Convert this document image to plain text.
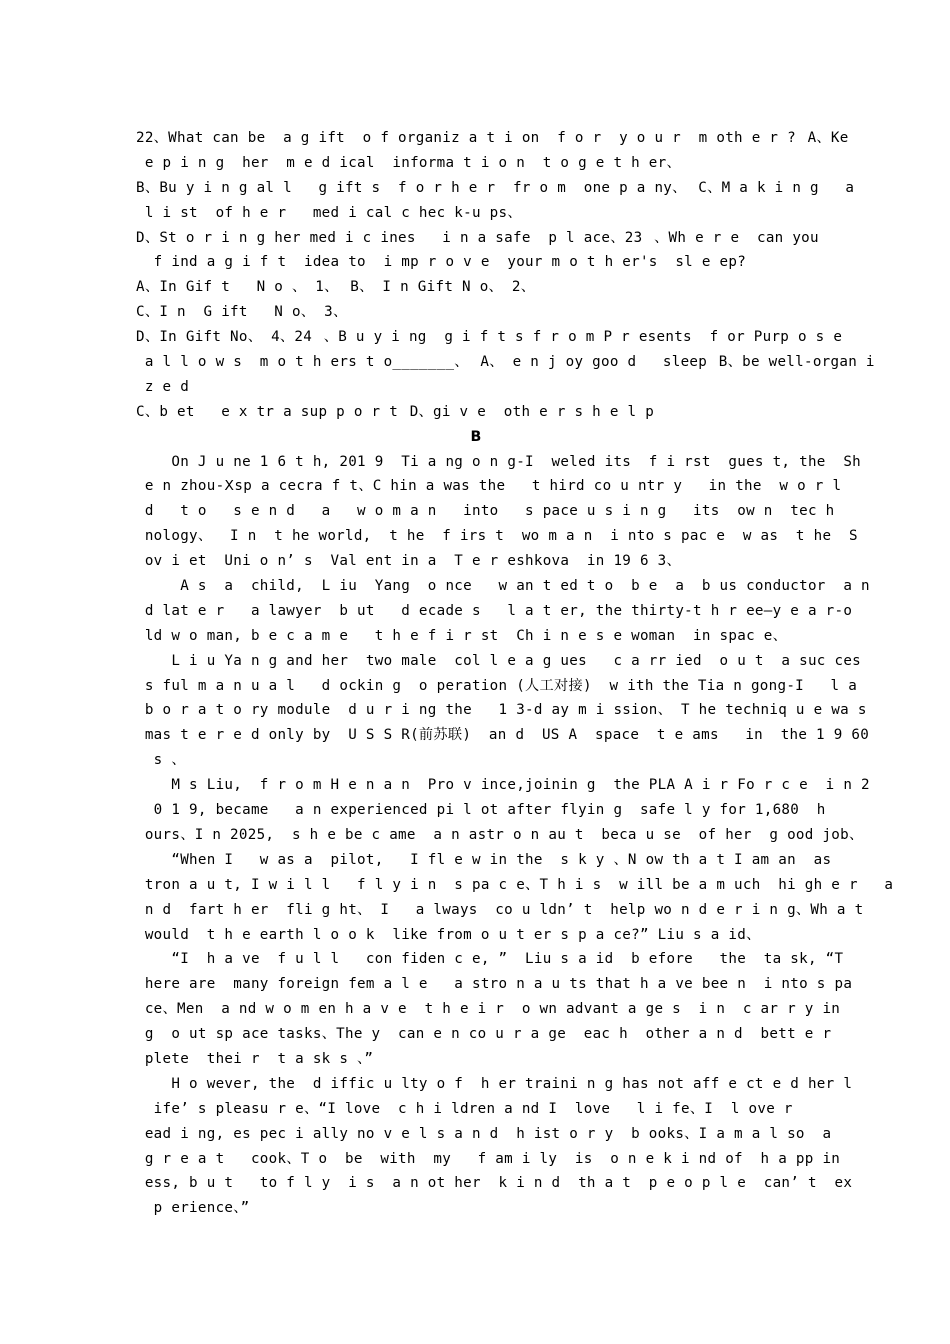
22、What can be  a g ift  o f organiz a t i on  f o r  y o u r  m oth e r ?A、Ke
e p i n g  her  m e d ical  informa t i o n  t o g e t h er、
B、Bu y i n g al l   g ift s  f o r h e r  fr o m  one p a ny、C、M a k i n g   a
l i st  of h e r   med i cal c hec k-u ps、
D、St o r i n g her med i c ines   i n a safe  p l ace、23、Wh e r e  can you
f ind a g i f t  idea to  i mp r o v e  your m o t h er's  sl e ep?
A、In Gif t   N o 、 1、B、 I n Gift N o、 2、
C、I n  G ift   N o、 3、
D、In Gift No、 4、24、B u y i ng  g i f t s f r o m P r esents  f or Purp o s e
a l l o w s  m o t h ers t o_______、A、 e n j oy goo d   sleepB、be well-organ i
z e d
C、b et   e x tr a sup p o r tD、gi v e  oth e r s h e l p
B
On J u ne 1 6 t h, 201 9  Ti a ng o n g-I  weled its  f i rst  gues t, the  Sh
e n zhou-Ⅹsp a cecra f t、C hin a was the   t hird co u ntr y   in the  w o r l
d   t o   s e n d   a   w o m a n   into   s pace u s i n g   its  ow n  tec h
nology、  I n  t he world,  t he  f irs t  wo m a n  i nto s pac e  w as  t he  S
ov i et  Uni o n’ s  Val ent in a  T e r eshkova  in 19 6 3、
A s  a  child,  L iu  Yang  o nce   w an t ed t o  b e  a  b us conductor  a n
d lat e r   a lawyer  b ut   d ecade s   l a t er, the thirty-t h r ee—y e a r-o
ld w o man, b e c a m e   t h e f i r st  Ch i n e s e woman  in spac e、
L i u Ya n g and her  two male  col l e a g ues   c a rr ied  o u t  a suc ces
s ful m a n u a l   d ockin g  o peration (人工对接)  w ith the Tia n gong-I   l a
b o r a t o ry module  d u r i ng the   1 3-d ay m i ssion、 T he techniq u e wa s
mas t e r e d only by  U S S R(前苏联)  an d  US A  space  t e ams   in  the 1 9 60
s 、
M s Liu,  f r o m H e n a n  Pro v ince,joinin g  the PLA A i r Fo r c e  i n 2
0 1 9, became   a n experienced pi l ot after flyin g  safe l y for 1,680  h
ours、I n 2025,  s h e be c ame  a n astr o n au t  beca u se  of her  g ood job、
“When I   w as a  pilot,   I fl e w in the  s k y 、N ow th a t I am an  as
tron a u t, I w i l l   f l y i n  s pa c e、T h i s  w ill be a m uch  hi gh e r   a
n d  fart h er  fli g ht、 I   a lways  co u ldn’ t  help wo n d e r i n g、Wh a t
would  t h e earth l o o k  like from o u t er s p a ce?” Liu s a id、
“I  h a ve  f u l l   con fiden c e, ”  Liu s a id  b efore   the  ta sk, “T
here are  many foreign fem a l e   a stro n a u ts that h a ve bee n  i nto s pa
ce、Men  a nd w o m en h a v e  t h e i r  o wn advant a ge s  i n  c ar r y in
g  o ut sp ace tasks、The y  can e n co u r a ge  eac h  other a n d  bett e r
plete  thei r  t a sk s 、”
H o wever, the  d iffic u lty o f  h er traini n g has not aff e ct e d her l
ife’ s pleasu r e、“I love  c h i ldren a nd I  love   l i fe、I  l ove r
ead i ng, es pec i ally no v e l s a n d  h ist o r y  b ooks、I a m a l so  a
g r e a t   cook、T o  be  with  my   f am i ly  is  o n e k i nd of  h a pp in
ess, b u t   to f l y  i s  a n ot her  k i n d  th a t  p e o p l e  can’ t  ex
p erience、”
